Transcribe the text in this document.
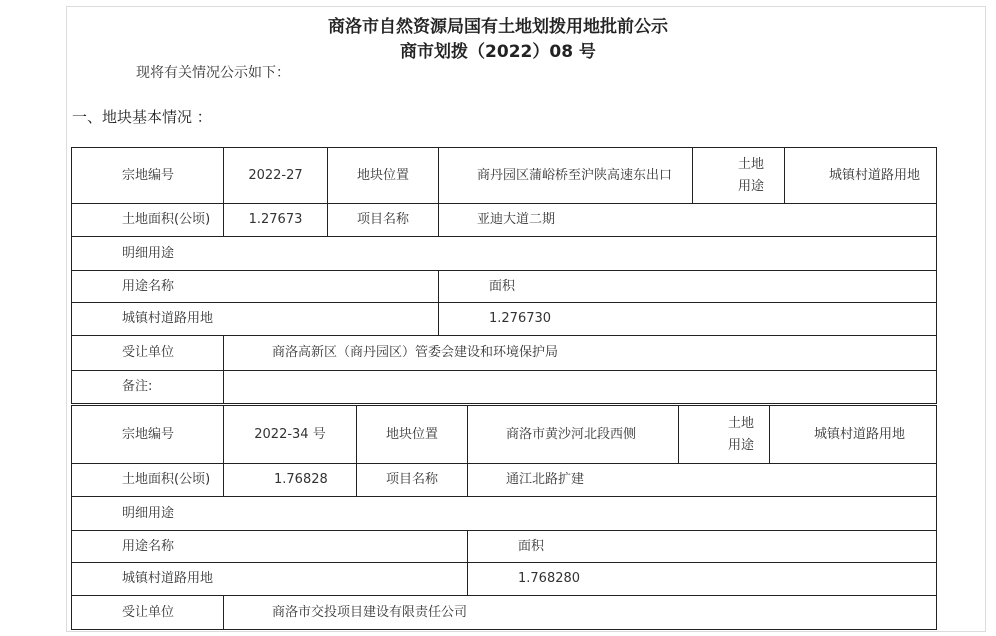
商洛市自然资源局国有土地划拨用地批前公示
商市划拨（2022）08 号
现将有关情况公示如下：
一、地块基本情况 ：
宗地编号	2022-27	地块位置	商丹园区蒲峪桥至沪陕高速东出口	土地用途	城镇村道路用地
土地面积(公顷)	1.27673	项目名称	亚迪大道二期		
明细用途					
用途名称			面积		
城镇村道路用地			1.276730		
受让单位	商洛高新区（商丹园区）管委会建设和环境保护局				
备注:					
宗地编号	2022-34 号	地块位置	商洛市黄沙河北段西侧	土地用途	城镇村道路用地
土地面积(公顷)	1.76828	项目名称	通江北路扩建		
明细用途					
用途名称			面积		
城镇村道路用地			1.768280		
受让单位	商洛市交投项目建设有限责任公司				
